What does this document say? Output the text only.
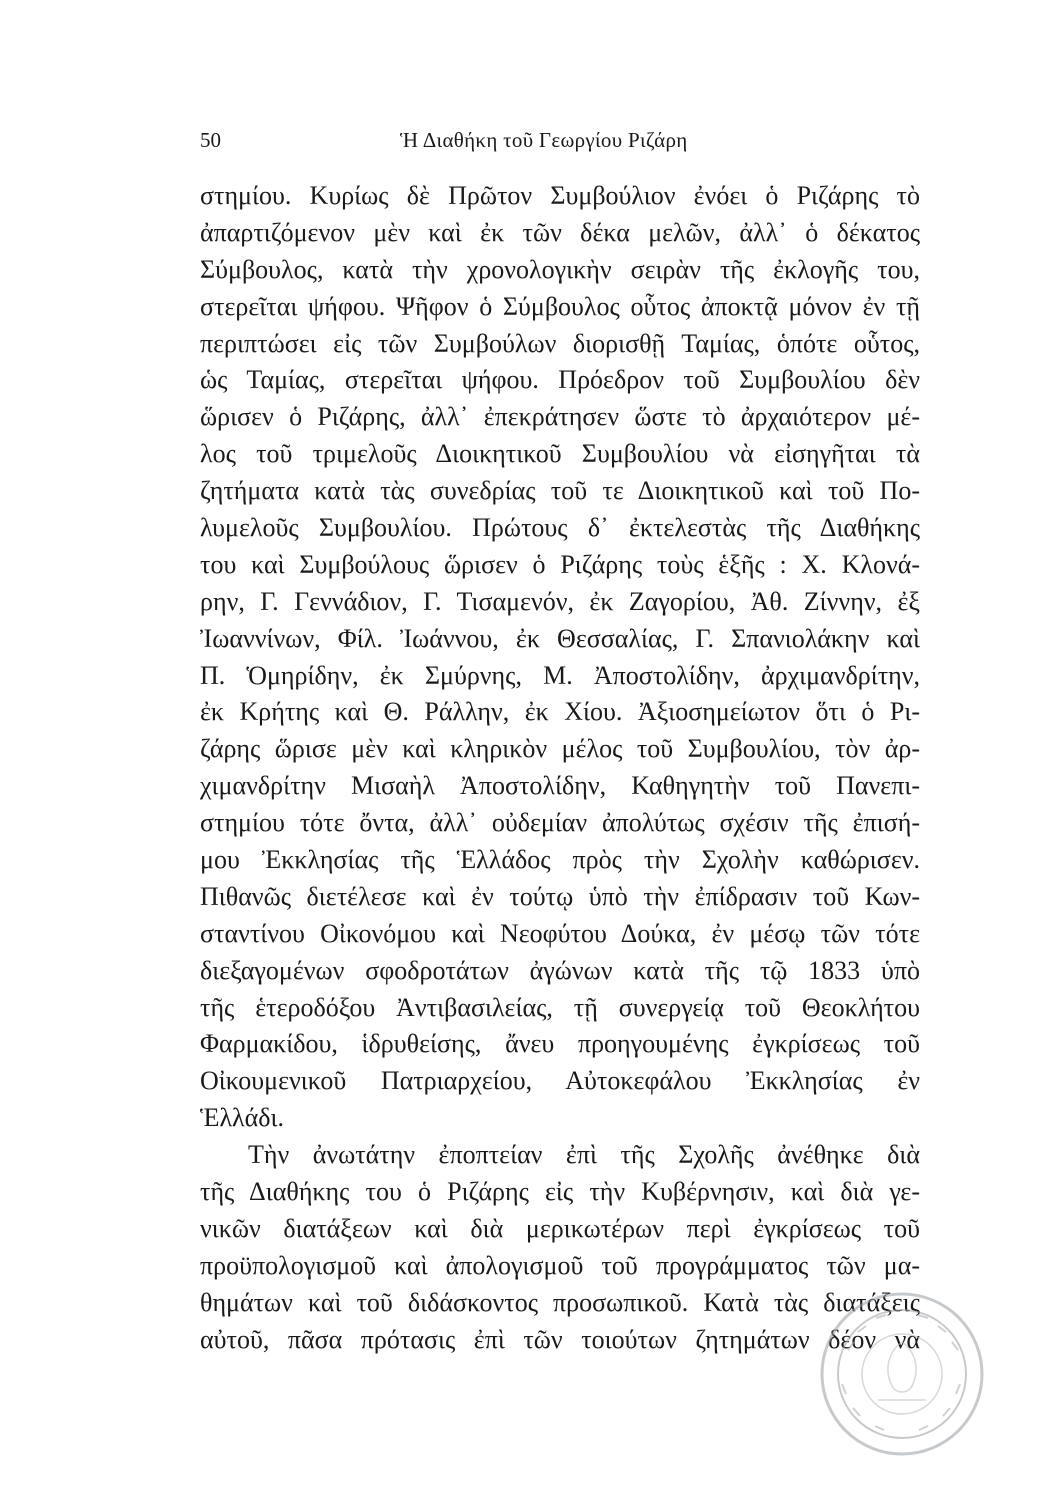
50	Ἡ Διαθήκη τοῦ Γεωργίου Ριζάρη
στημίου. Κυρίως δὲ Πρῶτον Συμβούλιον ἐνόει ὁ Ριζάρης τὸ
ἀπαρτιζόμενον μὲν καὶ ἐκ τῶν δέκα μελῶν, ἀλλ᾽ ὁ δέκατος
Σύμβουλος, κατὰ τὴν χρονολογικὴν σειρὰν τῆς ἐκλογῆς του,
στερεῖται ψήφου. Ψῆφον ὁ Σύμβουλος οὗτος ἀποκτᾷ μόνον ἐν τῇ
περιπτώσει εἰς τῶν Συμβούλων διορισθῇ Ταμίας, ὁπότε οὗτος,
ὡς Ταμίας, στερεῖται ψήφου. Πρόεδρον τοῦ Συμβουλίου δὲν
ὥρισεν ὁ Ριζάρης, ἀλλ᾽ ἐπεκράτησεν ὥστε τὸ ἀρχαιότερον μέ-
λος τοῦ τριμελοῦς Διοικητικοῦ Συμβουλίου νὰ εἰσηγῆται τὰ
ζητήματα κατὰ τὰς συνεδρίας τοῦ τε Διοικητικοῦ καὶ τοῦ Πο-
λυμελοῦς Συμβουλίου. Πρώτους δ᾽ ἐκτελεστὰς τῆς Διαθήκης
του καὶ Συμβούλους ὥρισεν ὁ Ριζάρης τοὺς ἑξῆς : Χ. Κλονά-
ρην, Γ. Γεννάδιον, Γ. Τισαμενόν, ἐκ Ζαγορίου, Ἀθ. Ζίννην, ἐξ
Ἰωαννίνων, Φίλ. Ἰωάννου, ἐκ Θεσσαλίας, Γ. Σπανιολάκην καὶ
Π. Ὁμηρίδην, ἐκ Σμύρνης, Μ. Ἀποστολίδην, ἀρχιμανδρίτην,
ἐκ Κρήτης καὶ Θ. Ράλλην, ἐκ Χίου. Ἀξιοσημείωτον ὅτι ὁ Ρι-
ζάρης ὥρισε μὲν καὶ κληρικὸν μέλος τοῦ Συμβουλίου, τὸν ἀρ-
χιμανδρίτην Μισαὴλ Ἀποστολίδην, Καθηγητὴν τοῦ Πανεπι-
στημίου τότε ὄντα, ἀλλ᾽ οὐδεμίαν ἀπολύτως σχέσιν τῆς ἐπισή-
μου Ἐκκλησίας τῆς Ἑλλάδος πρὸς τὴν Σχολὴν καθώρισεν.
Πιθανῶς διετέλεσε καὶ ἐν τούτῳ ὑπὸ τὴν ἐπίδρασιν τοῦ Κων-
σταντίνου Οἰκονόμου καὶ Νεοφύτου Δούκα, ἐν μέσῳ τῶν τότε
διεξαγομένων σφοδροτάτων ἀγώνων κατὰ τῆς τῷ 1833 ὑπὸ
τῆς ἑτεροδόξου Ἀντιβασιλείας, τῇ συνεργείᾳ τοῦ Θεοκλήτου
Φαρμακίδου, ἱδρυθείσης, ἄνευ προηγουμένης ἐγκρίσεως τοῦ
Οἰκουμενικοῦ Πατριαρχείου, Αὐτοκεφάλου Ἐκκλησίας ἐν
Ἑλλάδι.
Τὴν ἀνωτάτην ἐποπτείαν ἐπὶ τῆς Σχολῆς ἀνέθηκε διὰ
τῆς Διαθήκης του ὁ Ριζάρης εἰς τὴν Κυβέρνησιν, καὶ διὰ γε-
νικῶν διατάξεων καὶ διὰ μερικωτέρων περὶ ἐγκρίσεως τοῦ
προϋπολογισμοῦ καὶ ἀπολογισμοῦ τοῦ προγράμματος τῶν μα-
θημάτων καὶ τοῦ διδάσκοντος προσωπικοῦ. Κατὰ τὰς διατάξεις
αὐτοῦ, πᾶσα πρότασις ἐπὶ τῶν τοιούτων ζητημάτων δέον νὰ
